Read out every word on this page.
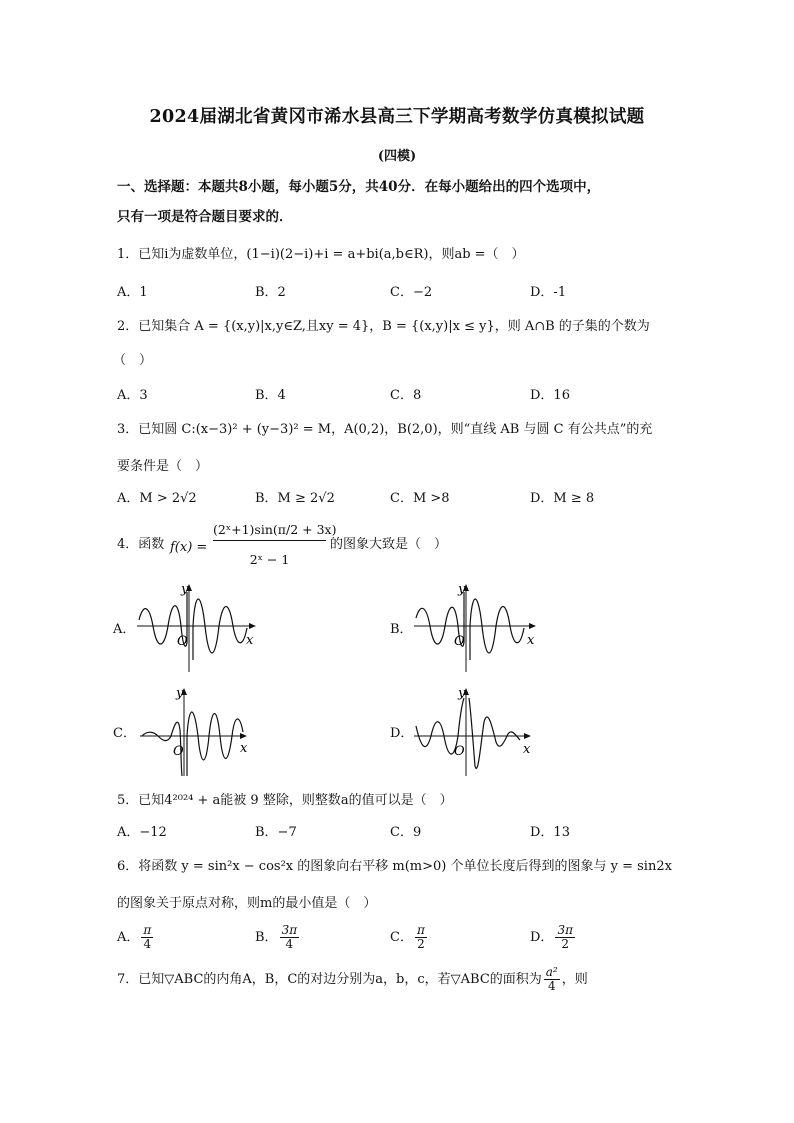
2024届湖北省黄冈市浠水县高三下学期高考数学仿真模拟试题
(四模)
一、选择题：本题共8小题，每小题5分，共40分．在每小题给出的四个选项中，
只有一项是符合题目要求的．
1．已知i为虚数单位，(1−i)(2−i)+i = a+bi(a,b∈R)，则ab =（　）
A．1	B．2	C．−2	D．-1
2．已知集合 A = {(x,y)|x,y∈Z,且xy = 4}，B = {(x,y)|x ≤ y}，则 A∩B 的子集的个数为
（　）
A．3	B．4	C．8	D．16
3．已知圆 C:(x−3)² + (y−3)² = M，A(0,2)，B(2,0)，则“直线 AB 与圆 C 有公共点”的充
要条件是（　）
A．M > 2√2	B．M ≥ 2√2	C．M >8	D．M ≥ 8
4．函数 f(x) =
(2ˣ+1)sin(π/2 + 3x)
2ˣ − 1
的图象大致是（　）
A．	B．
C．	D．
O	x
y
O	x
y
O	x
y
O	x
y
5．已知4²⁰²⁴ + a能被 9 整除，则整数a的值可以是（　）
A．−12	B．−7	C．9	D．13
6．将函数 y = sin²x − cos²x 的图象向右平移 m(m>0) 个单位长度后得到的图象与 y = sin2x
的图象关于原点对称，则m的最小值是（　）
A． $\frac{\pi}{4}$	B． $\frac{3\pi}{4}$	C． $\frac{\pi}{2}$	D． $\frac{3\pi}{2}$
7．已知▽ABC的内角A，B，C的对边分别为a，b，c，若▽ABC的面积为 $\frac{\text{a²}}{4}$ ，则
